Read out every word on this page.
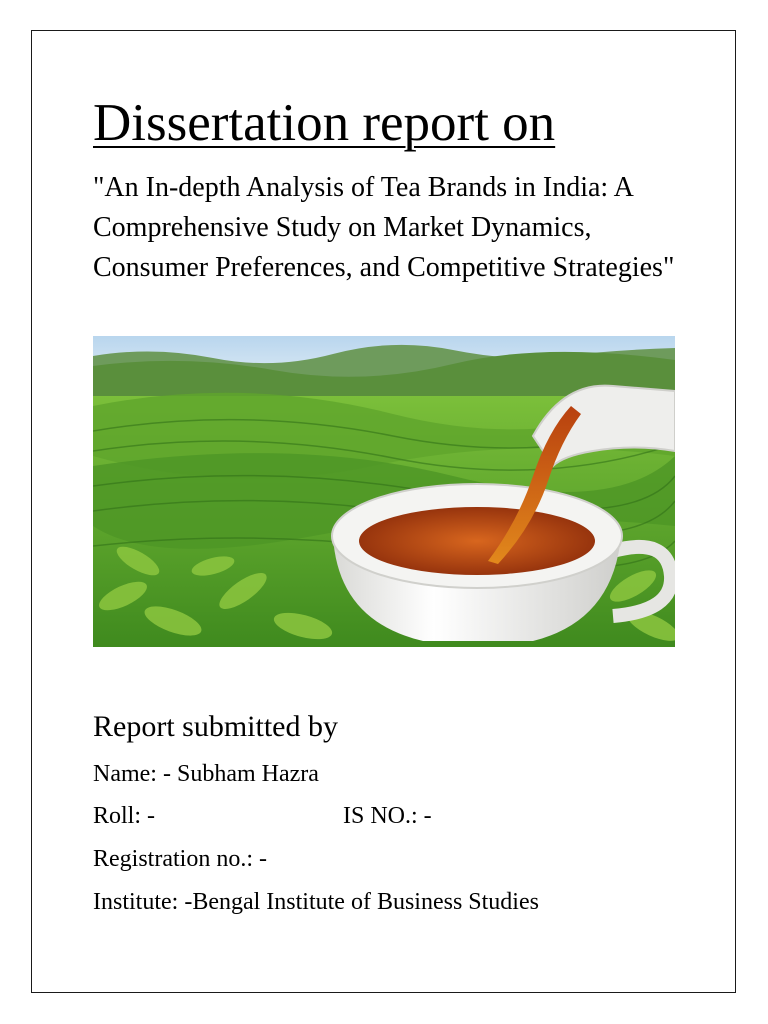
Dissertation report on

"An In-depth Analysis of Tea Brands in India: A Comprehensive Study on Market Dynamics, Consumer Preferences, and Competitive Strategies"

Report submitted by
Name: - Subham Hazra
Roll: -	IS NO.: -
Registration no.: -
Institute: -Bengal Institute of Business Studies
